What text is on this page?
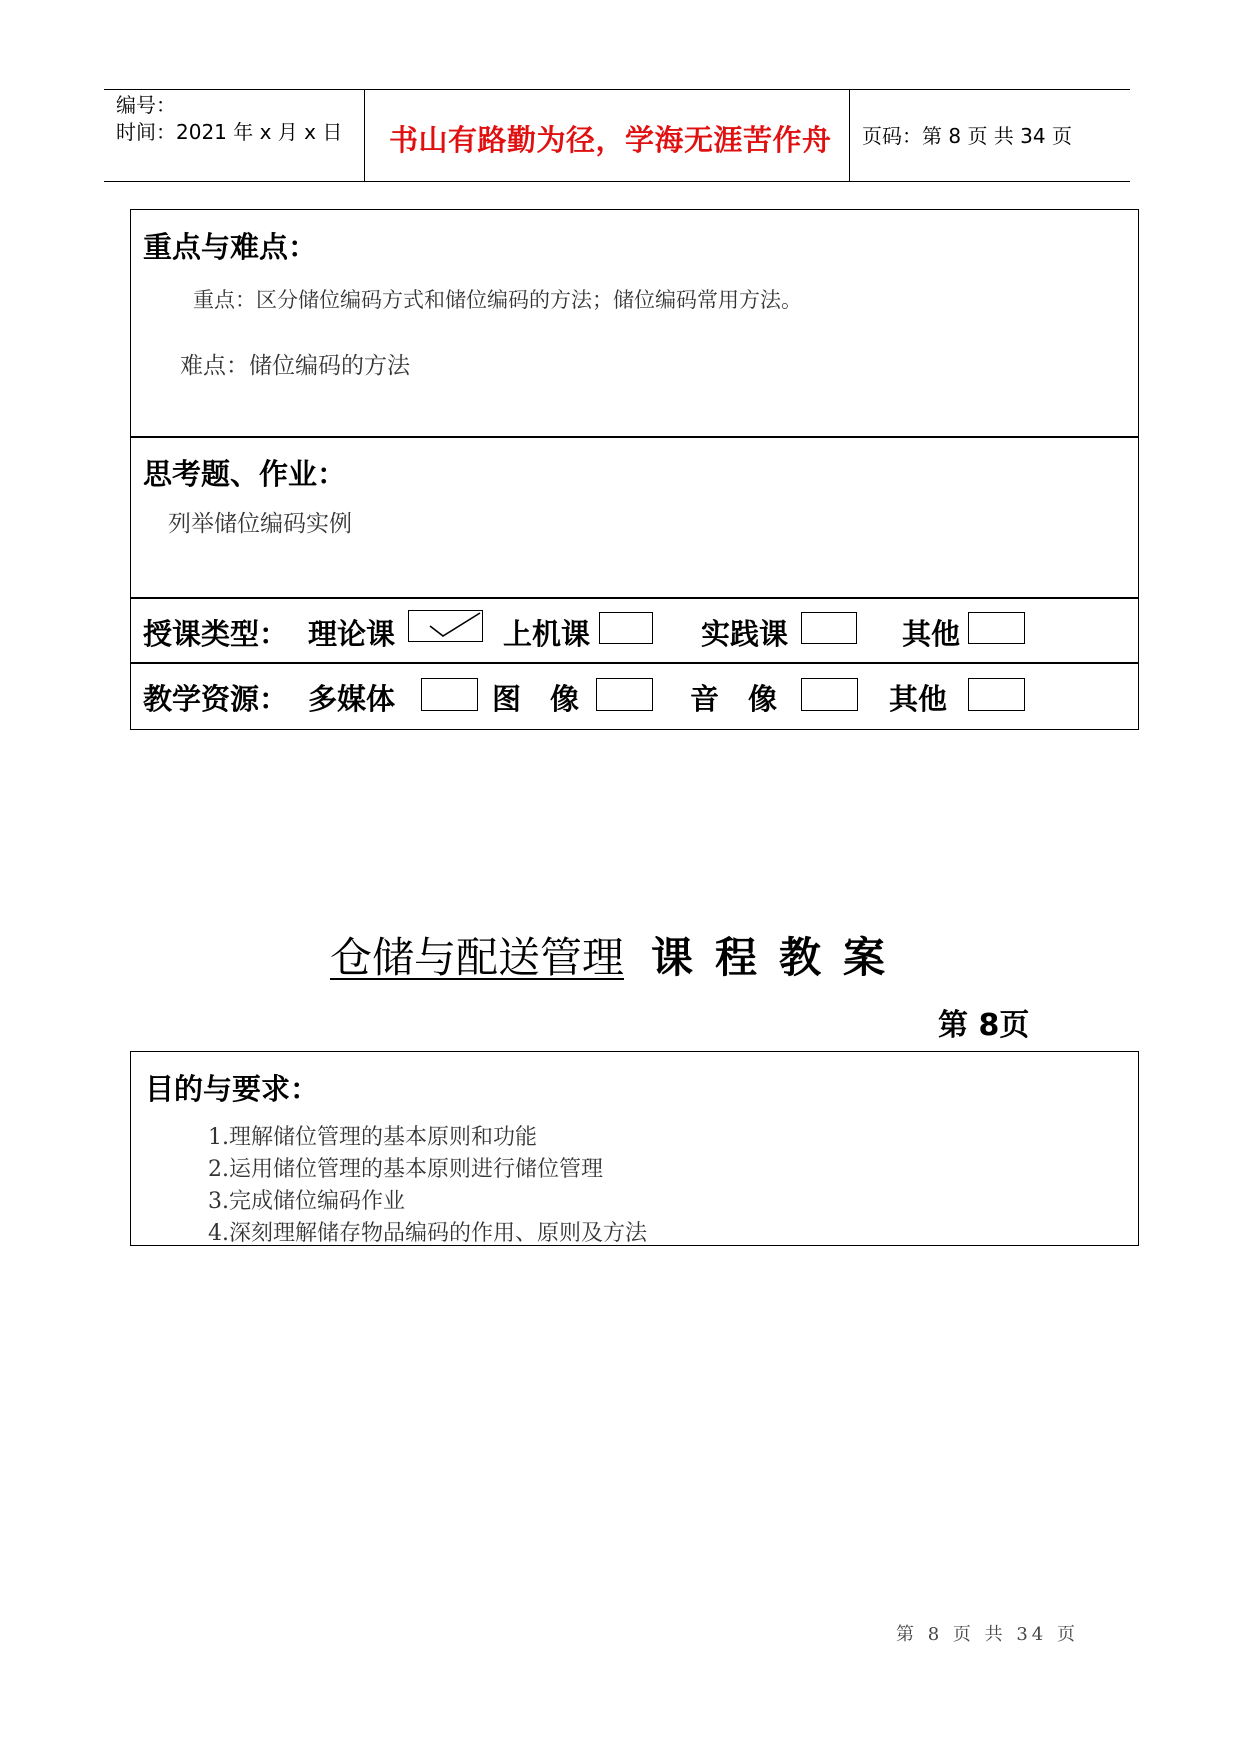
编号：
时间：2021 年 x 月 x 日 书山有路勤为径，学海无涯苦作舟 页码：第 8 页 共 34 页
重点与难点：
重点：区分储位编码方式和储位编码的方法；储位编码常用方法。
难点：储位编码的方法
思考题、作业：
列举储位编码实例
授课类型： 理论课	上机课	实践课	其他
教学资源： 多媒体	图　像	音　像	其他
仓储与配送管理 课程教案
第 8页
目的与要求：
1.理解储位管理的基本原则和功能
2.运用储位管理的基本原则进行储位管理
3.完成储位编码作业
4.深刻理解储存物品编码的作用、原则及方法
第 8 页 共 34 页
